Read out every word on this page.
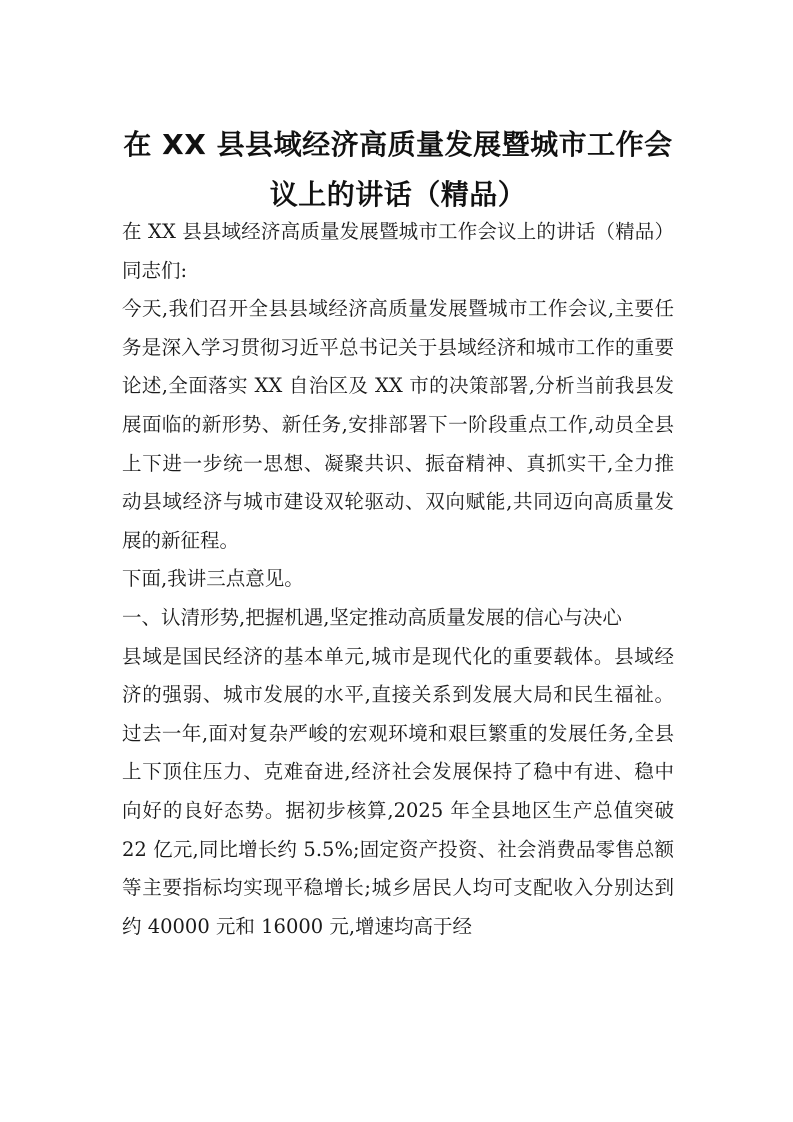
在 XX 县县域经济高质量发展暨城市工作会议上的讲话（精品）

在 XX 县县域经济高质量发展暨城市工作会议上的讲话（精品）同志们:

今天,我们召开全县县域经济高质量发展暨城市工作会议,主要任务是深入学习贯彻习近平总书记关于县域经济和城市工作的重要论述,全面落实 XX 自治区及 XX 市的决策部署,分析当前我县发展面临的新形势、新任务,安排部署下一阶段重点工作,动员全县上下进一步统一思想、凝聚共识、振奋精神、真抓实干,全力推动县域经济与城市建设双轮驱动、双向赋能,共同迈向高质量发展的新征程。

下面,我讲三点意见。

一、认清形势,把握机遇,坚定推动高质量发展的信心与决心

县域是国民经济的基本单元,城市是现代化的重要载体。县域经济的强弱、城市发展的水平,直接关系到发展大局和民生福祉。过去一年,面对复杂严峻的宏观环境和艰巨繁重的发展任务,全县上下顶住压力、克难奋进,经济社会发展保持了稳中有进、稳中向好的良好态势。据初步核算,2025 年全县地区生产总值突破 22 亿元,同比增长约 5.5%;固定资产投资、社会消费品零售总额等主要指标均实现平稳增长;城乡居民人均可支配收入分别达到约 40000 元和 16000 元,增速均高于经
